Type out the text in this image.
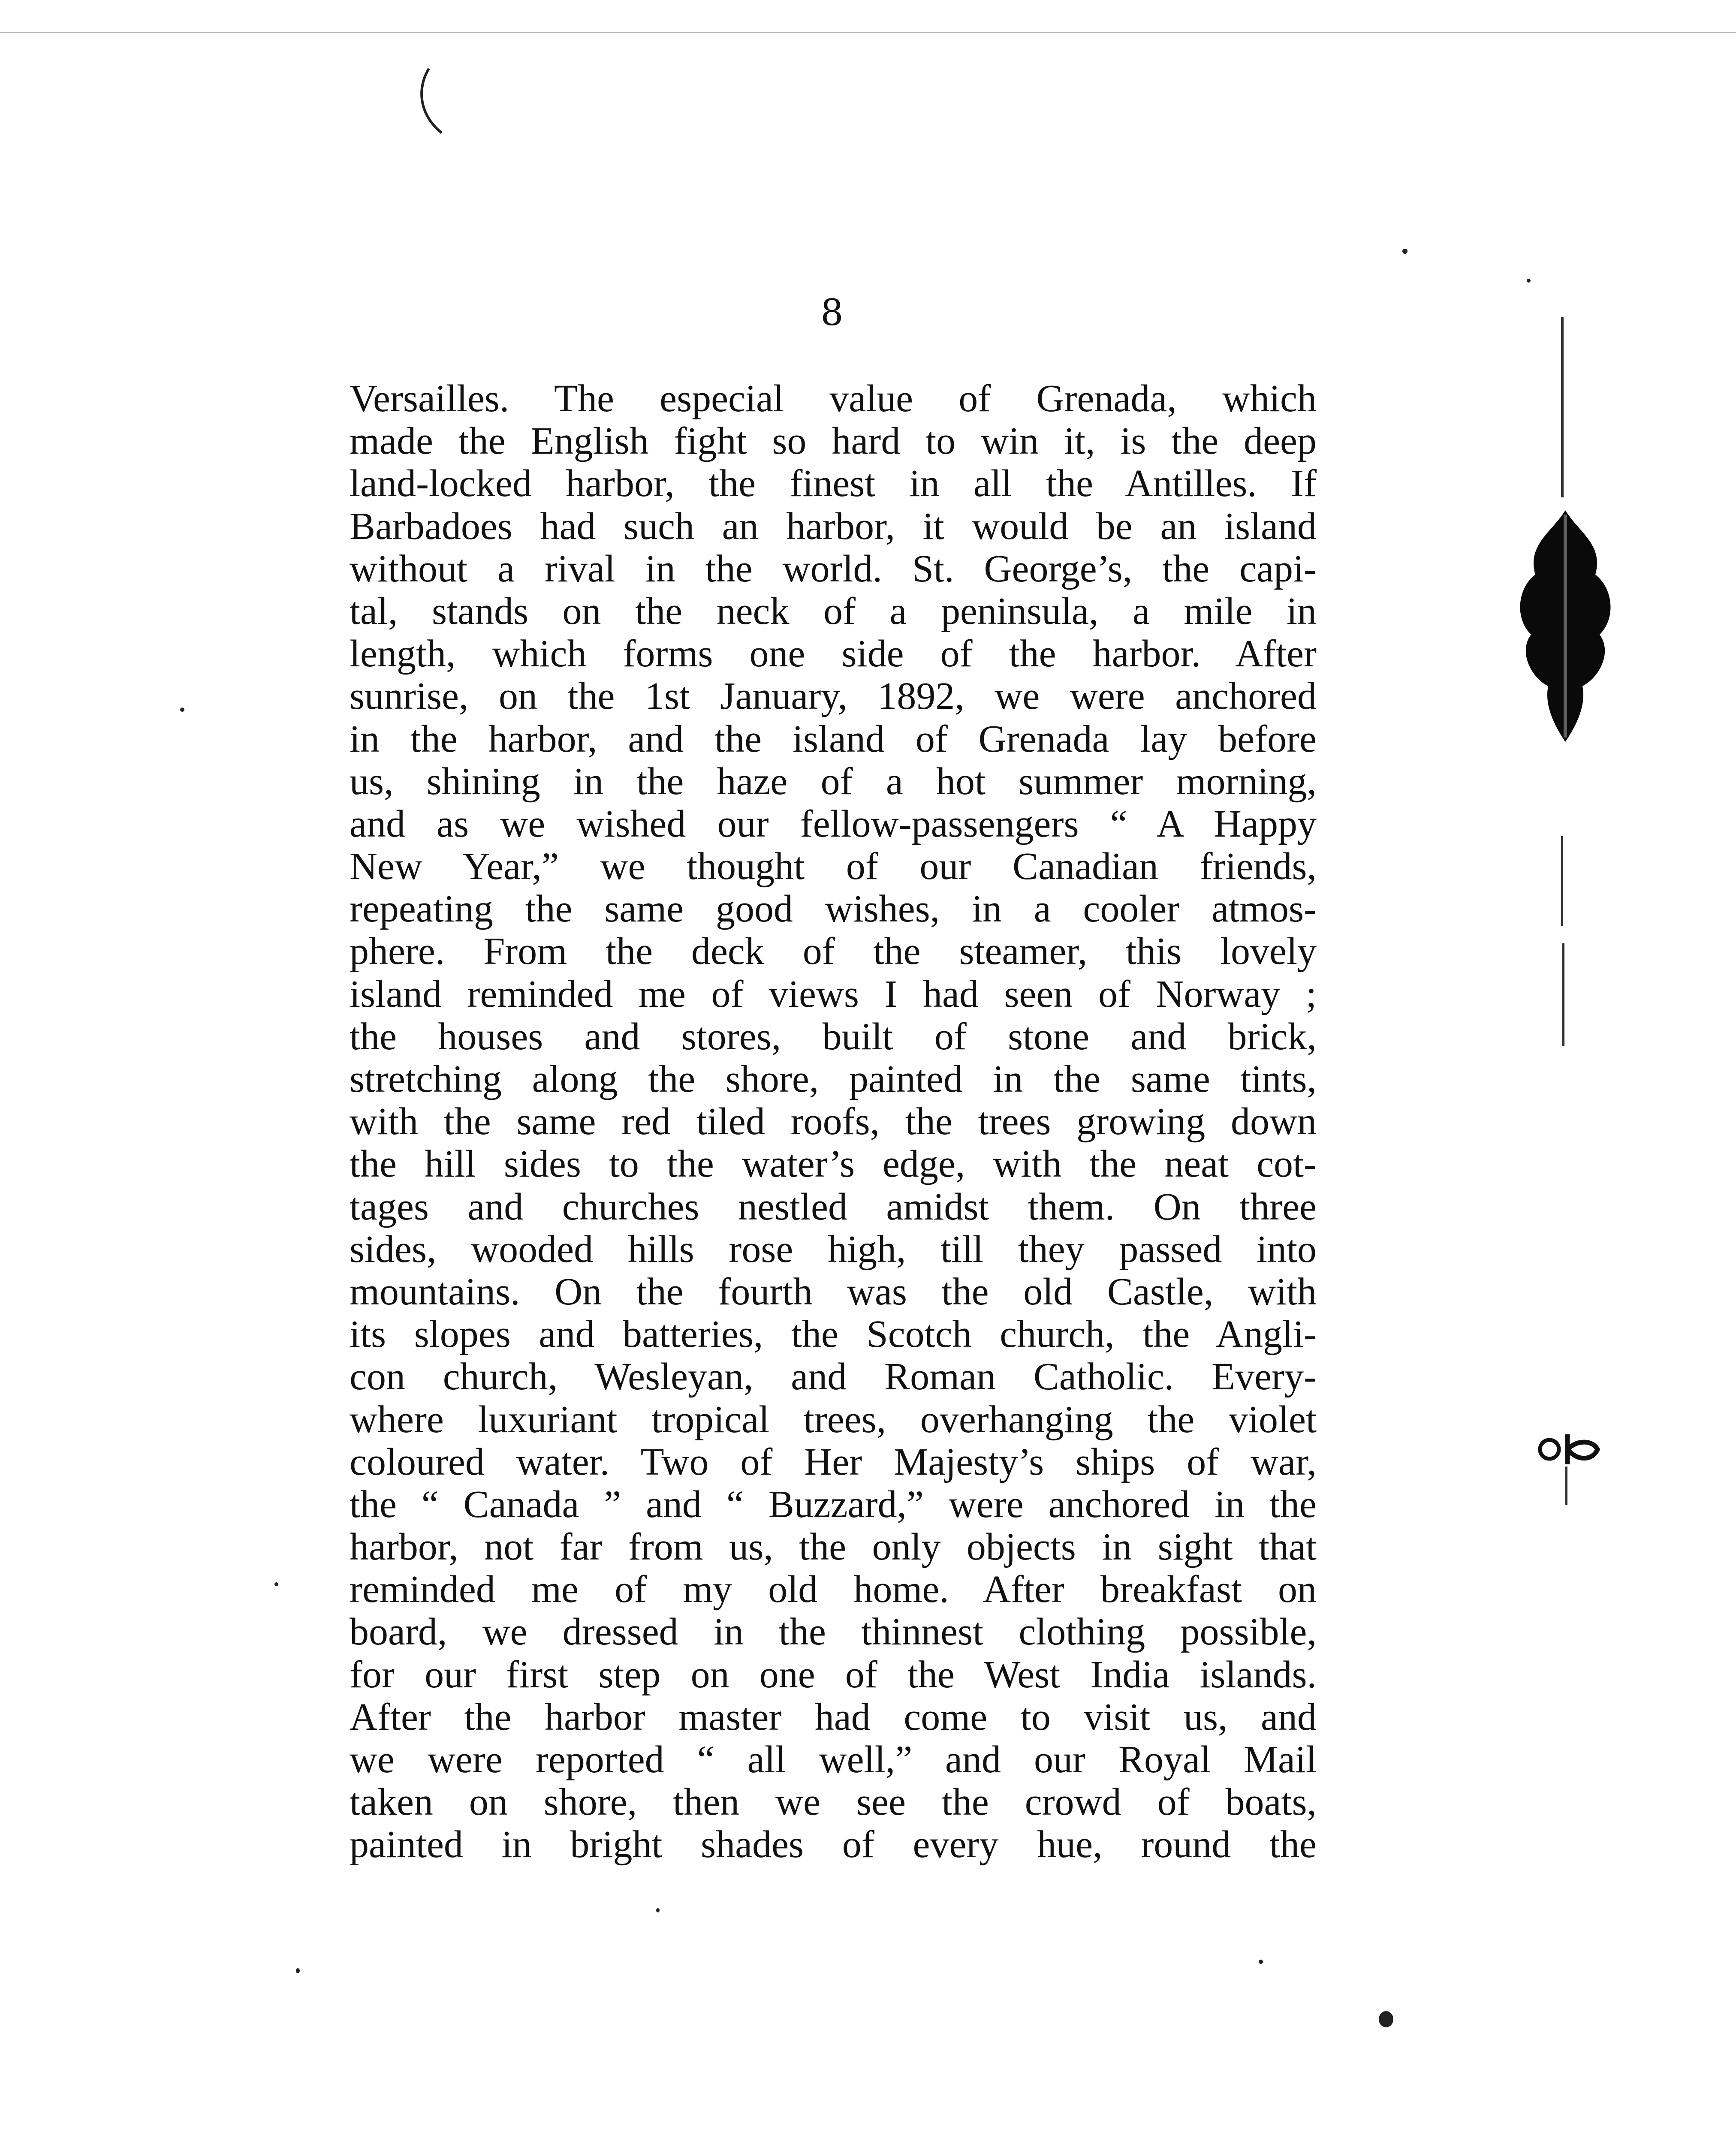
8
Versailles. The especial value of Grenada, which
made the English fight so hard to win it, is the deep
land-locked harbor, the finest in all the Antilles. If
Barbadoes had such an harbor, it would be an island
without a rival in the world. St. George’s, the capi-
tal, stands on the neck of a peninsula, a mile in
length, which forms one side of the harbor. After
sunrise, on the 1st January, 1892, we were anchored
in the harbor, and the island of Grenada lay before
us, shining in the haze of a hot summer morning,
and as we wished our fellow-passengers “ A Happy
New Year,” we thought of our Canadian friends,
repeating the same good wishes, in a cooler atmos-
phere. From the deck of the steamer, this lovely
island reminded me of views I had seen of Norway ;
the houses and stores, built of stone and brick,
stretching along the shore, painted in the same tints,
with the same red tiled roofs, the trees growing down
the hill sides to the water’s edge, with the neat cot-
tages and churches nestled amidst them. On three
sides, wooded hills rose high, till they passed into
mountains. On the fourth was the old Castle, with
its slopes and batteries, the Scotch church, the Angli-
con church, Wesleyan, and Roman Catholic. Every-
where luxuriant tropical trees, overhanging the violet
coloured water. Two of Her Majesty’s ships of war,
the “ Canada ” and “ Buzzard,” were anchored in the
harbor, not far from us, the only objects in sight that
reminded me of my old home. After breakfast on
board, we dressed in the thinnest clothing possible,
for our first step on one of the West India islands.
After the harbor master had come to visit us, and
we were reported “ all well,” and our Royal Mail
taken on shore, then we see the crowd of boats,
painted in bright shades of every hue, round the
